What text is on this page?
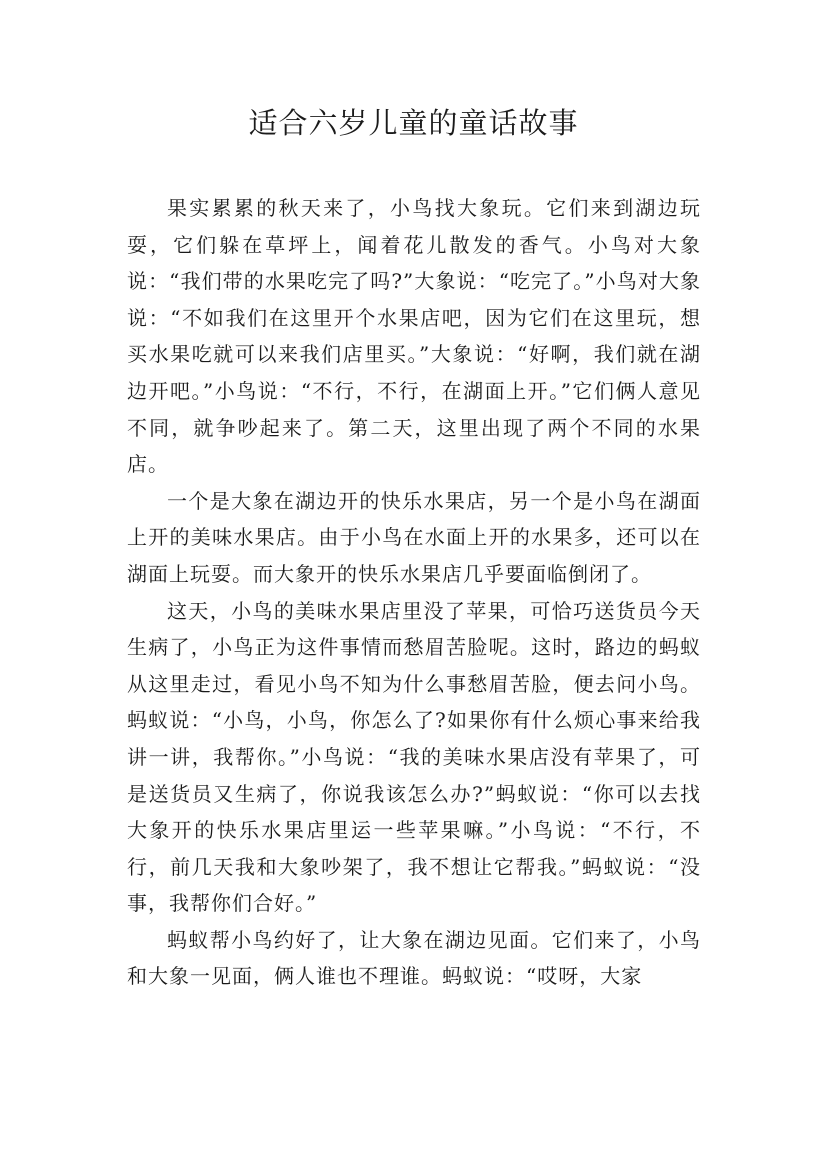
适合六岁儿童的童话故事

果实累累的秋天来了，小鸟找大象玩。它们来到湖边玩耍，它们躲在草坪上，闻着花儿散发的香气。小鸟对大象说：“我们带的水果吃完了吗?”大象说：“吃完了。”小鸟对大象说：“不如我们在这里开个水果店吧，因为它们在这里玩，想买水果吃就可以来我们店里买。”大象说：“好啊，我们就在湖边开吧。”小鸟说：“不行，不行，在湖面上开。”它们俩人意见不同，就争吵起来了。第二天，这里出现了两个不同的水果店。

一个是大象在湖边开的快乐水果店，另一个是小鸟在湖面上开的美味水果店。由于小鸟在水面上开的水果多，还可以在湖面上玩耍。而大象开的快乐水果店几乎要面临倒闭了。

这天，小鸟的美味水果店里没了苹果，可恰巧送货员今天生病了，小鸟正为这件事情而愁眉苦脸呢。这时，路边的蚂蚁从这里走过，看见小鸟不知为什么事愁眉苦脸，便去问小鸟。蚂蚁说：“小鸟，小鸟，你怎么了?如果你有什么烦心事来给我讲一讲，我帮你。”小鸟说：“我的美味水果店没有苹果了，可是送货员又生病了，你说我该怎么办?”蚂蚁说：“你可以去找大象开的快乐水果店里运一些苹果嘛。”小鸟说：“不行，不行，前几天我和大象吵架了，我不想让它帮我。”蚂蚁说：“没事，我帮你们合好。”

蚂蚁帮小鸟约好了，让大象在湖边见面。它们来了，小鸟和大象一见面，俩人谁也不理谁。蚂蚁说：“哎呀，大家
